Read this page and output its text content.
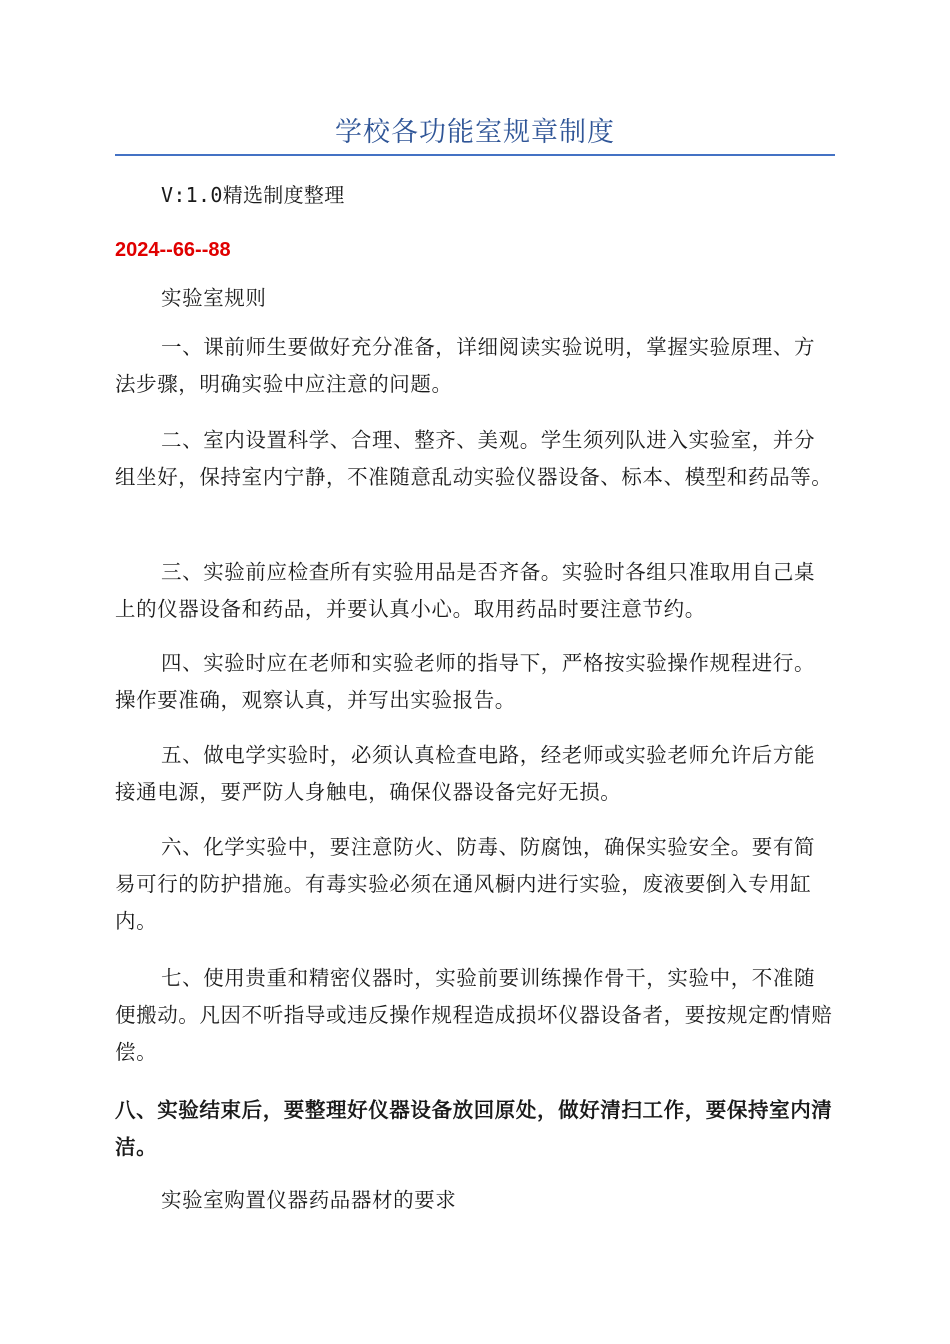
学校各功能室规章制度

V:1.0精选制度整理

2024--66--88

实验室规则

一、课前师生要做好充分准备，详细阅读实验说明，掌握实验原理、方法步骤，明确实验中应注意的问题。

二、室内设置科学、合理、整齐、美观。学生须列队进入实验室，并分组坐好，保持室内宁静，不准随意乱动实验仪器设备、标本、模型和药品等。

三、实验前应检查所有实验用品是否齐备。实验时各组只准取用自己桌上的仪器设备和药品，并要认真小心。取用药品时要注意节约。

四、实验时应在老师和实验老师的指导下，严格按实验操作规程进行。操作要准确，观察认真，并写出实验报告。

五、做电学实验时，必须认真检查电路，经老师或实验老师允许后方能接通电源，要严防人身触电，确保仪器设备完好无损。

六、化学实验中，要注意防火、防毒、防腐蚀，确保实验安全。要有简易可行的防护措施。有毒实验必须在通风橱内进行实验，废液要倒入专用缸内。

七、使用贵重和精密仪器时，实验前要训练操作骨干，实验中，不准随便搬动。凡因不听指导或违反操作规程造成损坏仪器设备者，要按规定酌情赔偿。

八、实验结束后，要整理好仪器设备放回原处，做好清扫工作，要保持室内清洁。

实验室购置仪器药品器材的要求
